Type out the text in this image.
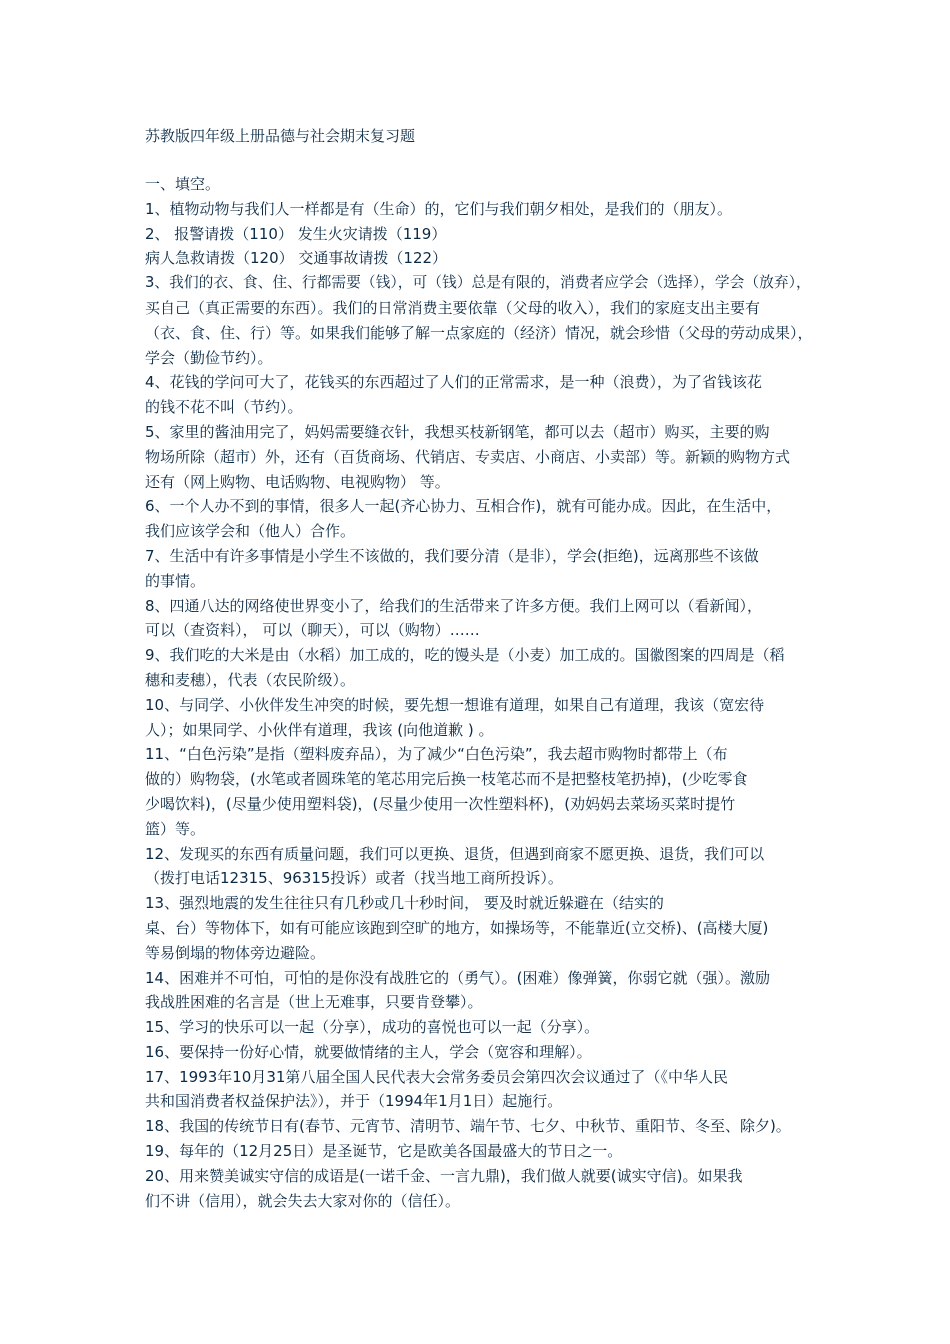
苏教版四年级上册品德与社会期末复习题

一、填空。

1、植物动物与我们人一样都是有（生命）的，它们与我们朝夕相处，是我们的（朋友）。

2、 报警请拨（110） 发生火灾请拨（119）
病人急救请拨（120） 交通事故请拨（122）

3、我们的衣、食、住、行都需要（钱），可（钱）总是有限的，消费者应学会（选择），学会（放弃），
买自己（真正需要的东西）。我们的日常消费主要依靠（父母的收入），我们的家庭支出主要有
（衣、食、住、行）等。如果我们能够了解一点家庭的（经济）情况，就会珍惜（父母的劳动成果），
学会（勤俭节约）。

4、花钱的学问可大了，花钱买的东西超过了人们的正常需求，是一种（浪费），为了省钱该花
的钱不花不叫（节约）。

5、家里的酱油用完了，妈妈需要缝衣针，我想买枝新钢笔，都可以去（超市）购买，主要的购
物场所除（超市）外，还有（百货商场、代销店、专卖店、小商店、小卖部）等。新颖的购物方式
还有（网上购物、电话购物、电视购物） 等。

6、一个人办不到的事情，很多人一起(齐心协力、互相合作)，就有可能办成。因此，在生活中，
我们应该学会和（他人）合作。

7、生活中有许多事情是小学生不该做的，我们要分清（是非），学会(拒绝)，远离那些不该做
的事情。

8、四通八达的网络使世界变小了，给我们的生活带来了许多方便。我们上网可以（看新闻），
可以（查资料）， 可以（聊天），可以（购物）……

9、我们吃的大米是由（水稻）加工成的，吃的馒头是（小麦）加工成的。国徽图案的四周是（稻
穗和麦穗），代表（农民阶级）。

10、与同学、小伙伴发生冲突的时候，要先想一想谁有道理，如果自己有道理，我该（宽宏待
人）；如果同学、小伙伴有道理，我该 (向他道歉 ) 。

11、“白色污染”是指（塑料废弃品），为了减少“白色污染”，我去超市购物时都带上（布
做的）购物袋，(水笔或者圆珠笔的笔芯用完后换一枝笔芯而不是把整枝笔扔掉)，(少吃零食
少喝饮料)，(尽量少使用塑料袋)，(尽量少使用一次性塑料杯)，(劝妈妈去菜场买菜时提竹
篮）等。

12、发现买的东西有质量问题，我们可以更换、退货，但遇到商家不愿更换、退货，我们可以
（拨打电话12315、96315投诉）或者（找当地工商所投诉）。

13、强烈地震的发生往往只有几秒或几十秒时间， 要及时就近躲避在（结实的
桌、台）等物体下，如有可能应该跑到空旷的地方，如操场等，不能靠近(立交桥)、(高楼大厦)
等易倒塌的物体旁边避险。

14、困难并不可怕，可怕的是你没有战胜它的（勇气）。(困难）像弹簧，你弱它就（强）。激励
我战胜困难的名言是（世上无难事，只要肯登攀）。

15、学习的快乐可以一起（分享），成功的喜悦也可以一起（分享）。

16、要保持一份好心情，就要做情绪的主人，学会（宽容和理解）。

17、1993年10月31第八届全国人民代表大会常务委员会第四次会议通过了（《中华人民
共和国消费者权益保护法》），并于（1994年1月1日）起施行。

18、我国的传统节日有(春节、元宵节、清明节、端午节、七夕、中秋节、重阳节、冬至、除夕)。

19、每年的（12月25日）是圣诞节，它是欧美各国最盛大的节日之一。

20、用来赞美诚实守信的成语是(一诺千金、一言九鼎)，我们做人就要(诚实守信)。如果我
们不讲（信用），就会失去大家对你的（信任）。
